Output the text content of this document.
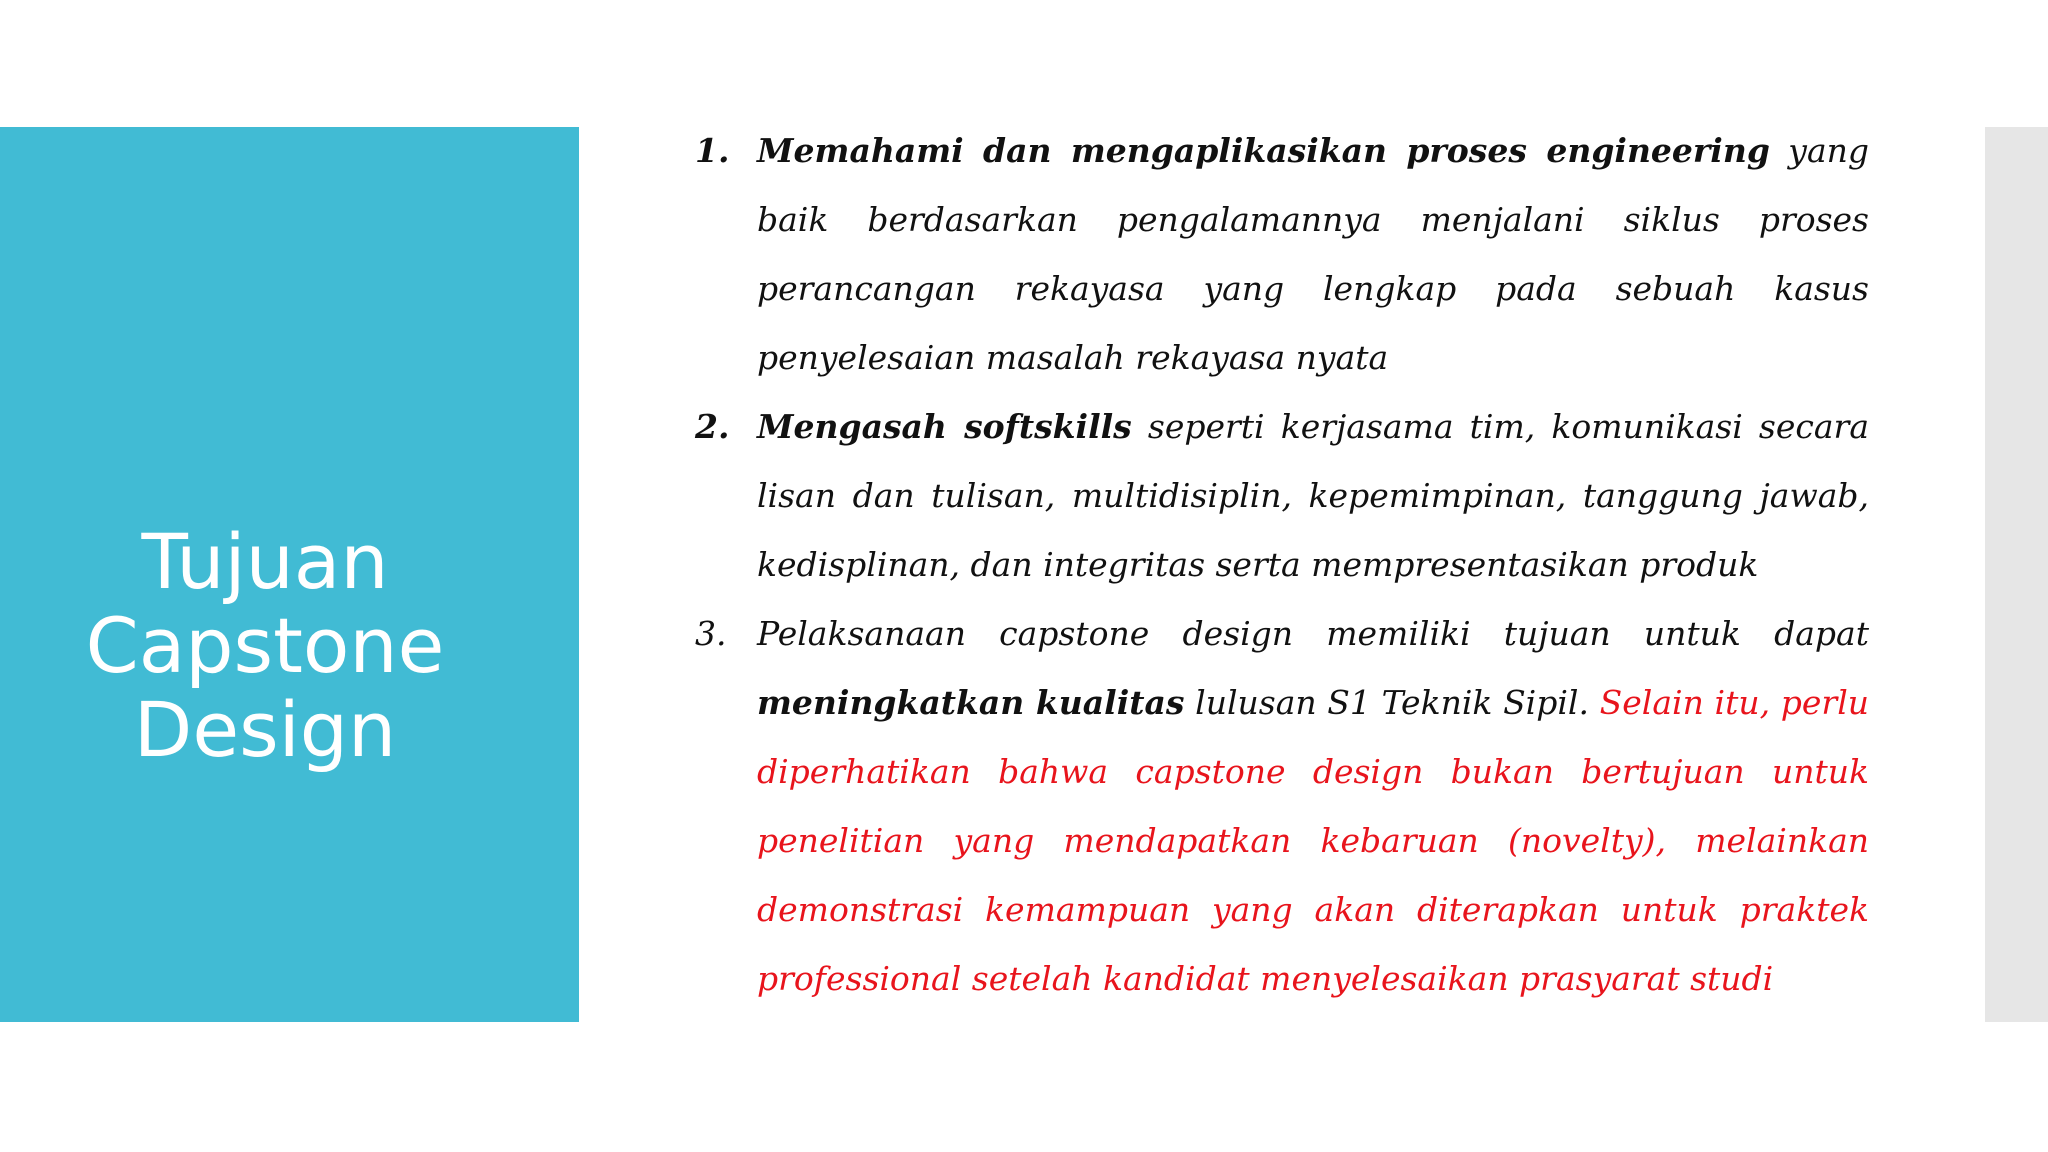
Tujuan
Capstone
Design
1. Memahami dan mengaplikasikan proses engineering yang baik berdasarkan pengalamannya menjalani siklus proses perancangan rekayasa yang lengkap pada sebuah kasus penyelesaian masalah rekayasa nyata
2. Mengasah softskills seperti kerjasama tim, komunikasi secara lisan dan tulisan, multidisiplin, kepemimpinan, tanggung jawab, kedisplinan, dan integritas serta mempresentasikan produk
3. Pelaksanaan capstone design memiliki tujuan untuk dapat meningkatkan kualitas lulusan S1 Teknik Sipil. Selain itu, perlu diperhatikan bahwa capstone design bukan bertujuan untuk penelitian yang mendapatkan kebaruan (novelty), melainkan demonstrasi kemampuan yang akan diterapkan untuk praktek professional setelah kandidat menyelesaikan prasyarat studi
